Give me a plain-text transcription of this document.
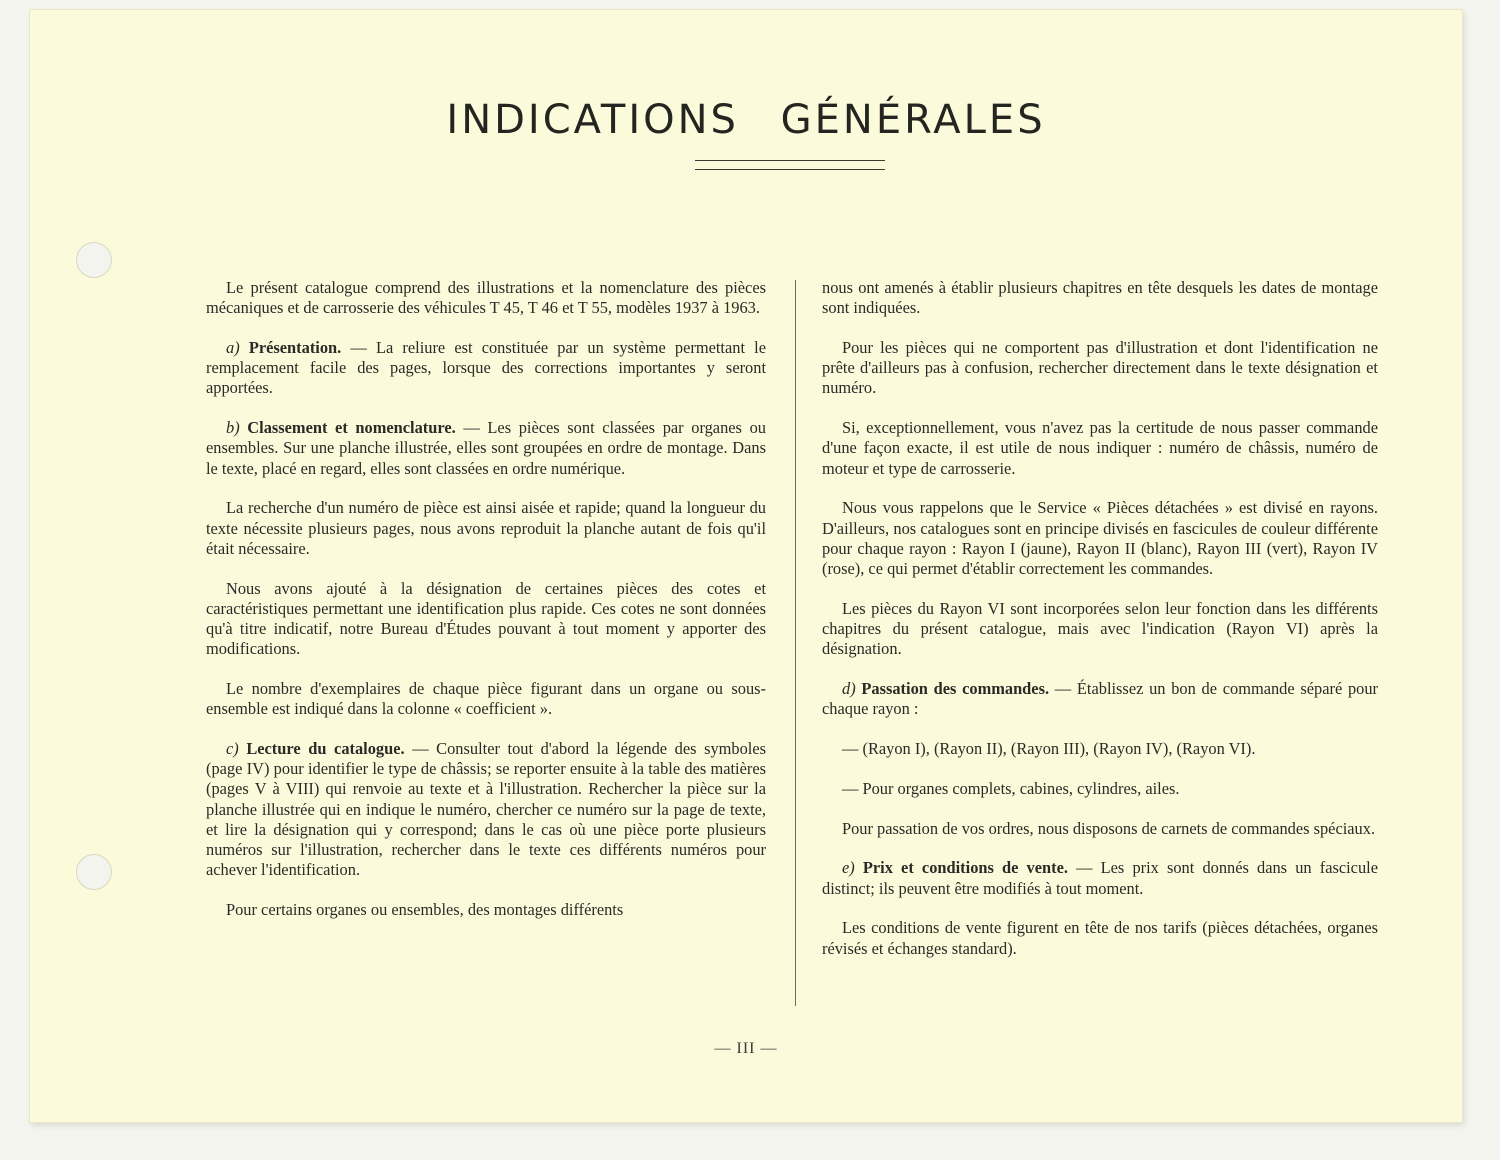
INDICATIONS GÉNÉRALES

Le présent catalogue comprend des illustrations et la nomenclature des pièces mécaniques et de carrosserie des véhicules T 45, T 46 et T 55, modèles 1937 à 1963.

a) Présentation. — La reliure est constituée par un système permettant le remplacement facile des pages, lorsque des corrections importantes y seront apportées.

b) Classement et nomenclature. — Les pièces sont classées par organes ou ensembles. Sur une planche illustrée, elles sont groupées en ordre de montage. Dans le texte, placé en regard, elles sont classées en ordre numérique.

La recherche d'un numéro de pièce est ainsi aisée et rapide; quand la longueur du texte nécessite plusieurs pages, nous avons reproduit la planche autant de fois qu'il était nécessaire.

Nous avons ajouté à la désignation de certaines pièces des cotes et caractéristiques permettant une identification plus rapide. Ces cotes ne sont données qu'à titre indicatif, notre Bureau d'Études pouvant à tout moment y apporter des modifications.

Le nombre d'exemplaires de chaque pièce figurant dans un organe ou sous-ensemble est indiqué dans la colonne « coefficient ».

c) Lecture du catalogue. — Consulter tout d'abord la légende des symboles (page IV) pour identifier le type de châssis; se reporter ensuite à la table des matières (pages V à VIII) qui renvoie au texte et à l'illustration. Rechercher la pièce sur la planche illustrée qui en indique le numéro, chercher ce numéro sur la page de texte, et lire la désignation qui y correspond; dans le cas où une pièce porte plusieurs numéros sur l'illustration, rechercher dans le texte ces différents numéros pour achever l'identification.

Pour certains organes ou ensembles, des montages différents

nous ont amenés à établir plusieurs chapitres en tête desquels les dates de montage sont indiquées.

Pour les pièces qui ne comportent pas d'illustration et dont l'identification ne prête d'ailleurs pas à confusion, rechercher directement dans le texte désignation et numéro.

Si, exceptionnellement, vous n'avez pas la certitude de nous passer commande d'une façon exacte, il est utile de nous indiquer : numéro de châssis, numéro de moteur et type de carrosserie.

Nous vous rappelons que le Service « Pièces détachées » est divisé en rayons. D'ailleurs, nos catalogues sont en principe divisés en fascicules de couleur différente pour chaque rayon : Rayon I (jaune), Rayon II (blanc), Rayon III (vert), Rayon IV (rose), ce qui permet d'établir correctement les commandes.

Les pièces du Rayon VI sont incorporées selon leur fonction dans les différents chapitres du présent catalogue, mais avec l'indication (Rayon VI) après la désignation.

d) Passation des commandes. — Établissez un bon de commande séparé pour chaque rayon :

— (Rayon I), (Rayon II), (Rayon III), (Rayon IV), (Rayon VI).

— Pour organes complets, cabines, cylindres, ailes.

Pour passation de vos ordres, nous disposons de carnets de commandes spéciaux.

e) Prix et conditions de vente. — Les prix sont donnés dans un fascicule distinct; ils peuvent être modifiés à tout moment.

Les conditions de vente figurent en tête de nos tarifs (pièces détachées, organes révisés et échanges standard).

— III —
